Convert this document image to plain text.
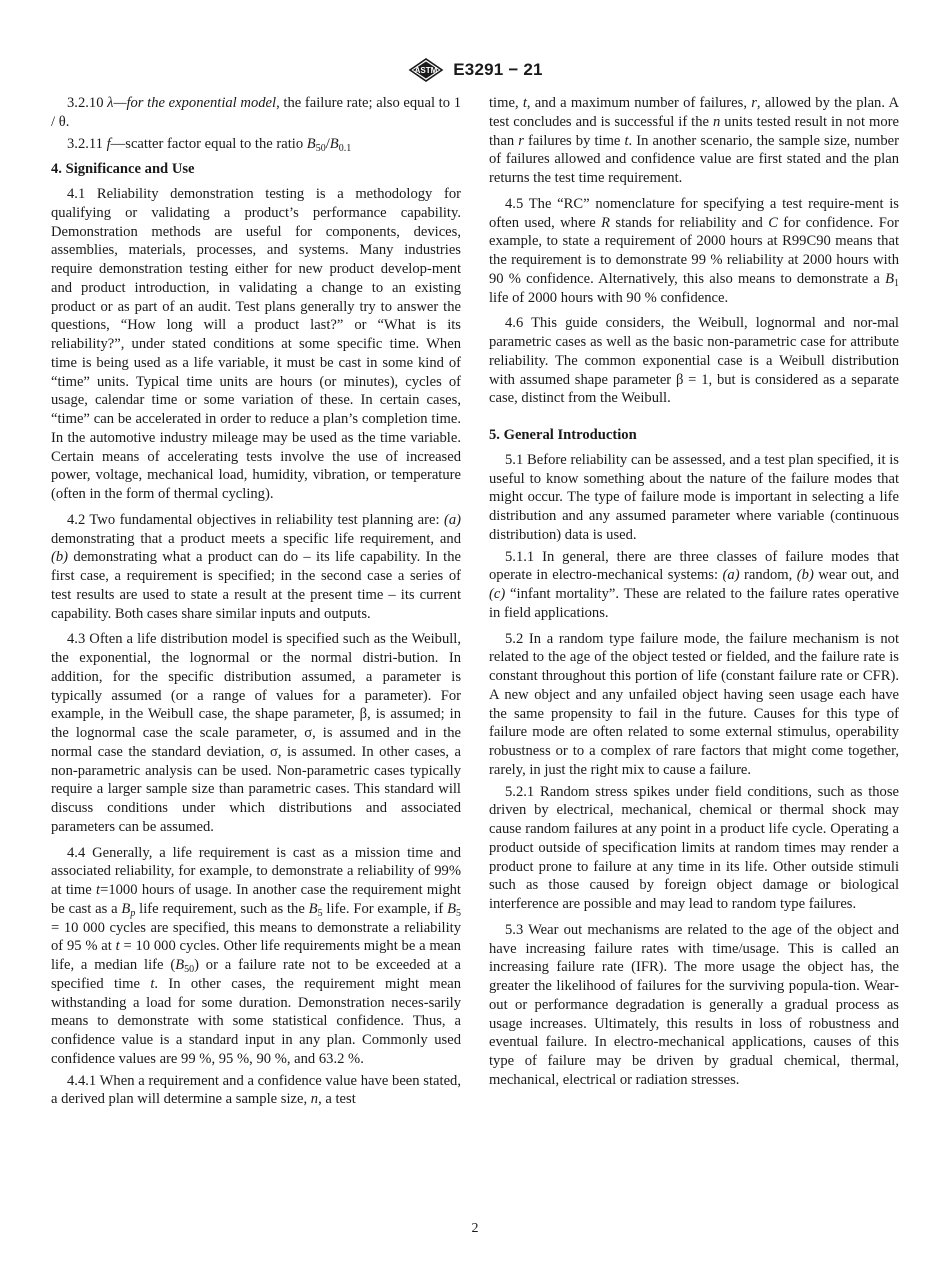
ASTM E3291 − 21

3.2.10 λ—for the exponential model, the failure rate; also equal to 1 / θ.

3.2.11 f—scatter factor equal to the ratio $B_{50}/B_{0.1}$

4. Significance and Use

4.1 Reliability demonstration testing is a methodology for qualifying or validating a product’s performance capability. Demonstration methods are useful for components, devices, assemblies, materials, processes, and systems. Many industries require demonstration testing either for new product develop-ment and product introduction, in validating a change to an existing product or as part of an audit. Test plans generally try to answer the questions, “How long will a product last?” or “What is its reliability?”, under stated conditions at some specific time. When time is being used as a life variable, it must be cast in some kind of “time” units. Typical time units are hours (or minutes), cycles of usage, calendar time or some variation of these. In certain cases, “time” can be accelerated in order to reduce a plan’s completion time. In the automotive industry mileage may be used as the time variable. Certain means of accelerating tests involve the use of increased power, voltage, mechanical load, humidity, vibration, or temperature (often in the form of thermal cycling).

4.2 Two fundamental objectives in reliability test planning are: (a) demonstrating that a product meets a specific life requirement, and (b) demonstrating what a product can do – its life capability. In the first case, a requirement is specified; in the second case a series of test results are used to state a result at the present time – its current capability. Both cases share similar inputs and outputs.

4.3 Often a life distribution model is specified such as the Weibull, the exponential, the lognormal or the normal distri-bution. In addition, for the specific distribution assumed, a parameter is typically assumed (or a range of values for a parameter). For example, in the Weibull case, the shape parameter, β, is assumed; in the lognormal case the scale parameter, σ, is assumed and in the normal case the standard deviation, σ, is assumed. In other cases, a non-parametric analysis can be used. Non-parametric cases typically require a larger sample size than parametric cases. This standard will discuss conditions under which distributions and associated parameters can be assumed.

4.4 Generally, a life requirement is cast as a mission time and associated reliability, for example, to demonstrate a reliability of 99% at time t=1000 hours of usage. In another case the requirement might be cast as a $B_p$ life requirement, such as the $B_5$ life. For example, if $B_5 = 10$ 000 cycles are specified, this means to demonstrate a reliability of 95 % at t = 10 000 cycles. Other life requirements might be a mean life, a median life $(B_{50})$ or a failure rate not to be exceeded at a specified time t. In other cases, the requirement might mean withstanding a load for some duration. Demonstration neces-sarily means to demonstrate with some statistical confidence. Thus, a confidence value is a standard input in any plan. Commonly used confidence values are 99 %, 95 %, 90 %, and 63.2 %.

4.4.1 When a requirement and a confidence value have been stated, a derived plan will determine a sample size, n, a test

time, t, and a maximum number of failures, r, allowed by the plan. A test concludes and is successful if the n units tested result in not more than r failures by time t. In another scenario, the sample size, number of failures allowed and confidence value are first stated and the plan returns the test time requirement.

4.5 The “RC” nomenclature for specifying a test require-ment is often used, where R stands for reliability and C for confidence. For example, to state a requirement of 2000 hours at R99C90 means that the requirement is to demonstrate 99 % reliability at 2000 hours with 90 % confidence. Alternatively, this also means to demonstrate a $B_1$ life of 2000 hours with 90 % confidence.

4.6 This guide considers, the Weibull, lognormal and nor-mal parametric cases as well as the basic non-parametric case for attribute reliability. The common exponential case is a Weibull distribution with assumed shape parameter β = 1, but is considered as a separate case, distinct from the Weibull.

5. General Introduction

5.1 Before reliability can be assessed, and a test plan specified, it is useful to know something about the nature of the failure modes that might occur. The type of failure mode is important in selecting a life distribution and any assumed parameter where variable (continuous distribution) data is used.

5.1.1 In general, there are three classes of failure modes that operate in electro-mechanical systems: (a) random, (b) wear out, and (c) “infant mortality”. These are related to the failure rates operative in field applications.

5.2 In a random type failure mode, the failure mechanism is not related to the age of the object tested or fielded, and the failure rate is constant throughout this portion of life (constant failure rate or CFR). A new object and any unfailed object having seen usage each have the same propensity to fail in the future. Causes for this type of failure mode are often related to some external stimulus, operability robustness or to a complex of rare factors that might come together, rarely, in just the right mix to cause a failure.

5.2.1 Random stress spikes under field conditions, such as those driven by electrical, mechanical, chemical or thermal shock may cause random failures at any point in a product life cycle. Operating a product outside of specification limits at random times may render a product prone to failure at any time in its life. Other outside stimuli such as those caused by foreign object damage or biological interference are possible and may lead to random type failures.

5.3 Wear out mechanisms are related to the age of the object and have increasing failure rates with time/usage. This is called an increasing failure rate (IFR). The more usage the object has, the greater the likelihood of failures for the surviving popula-tion. Wear-out or performance degradation is generally a gradual process as usage increases. Ultimately, this results in loss of robustness and eventual failure. In electro-mechanical applications, causes of this type of failure may be driven by gradual chemical, thermal, mechanical, electrical or radiation stresses.

2
